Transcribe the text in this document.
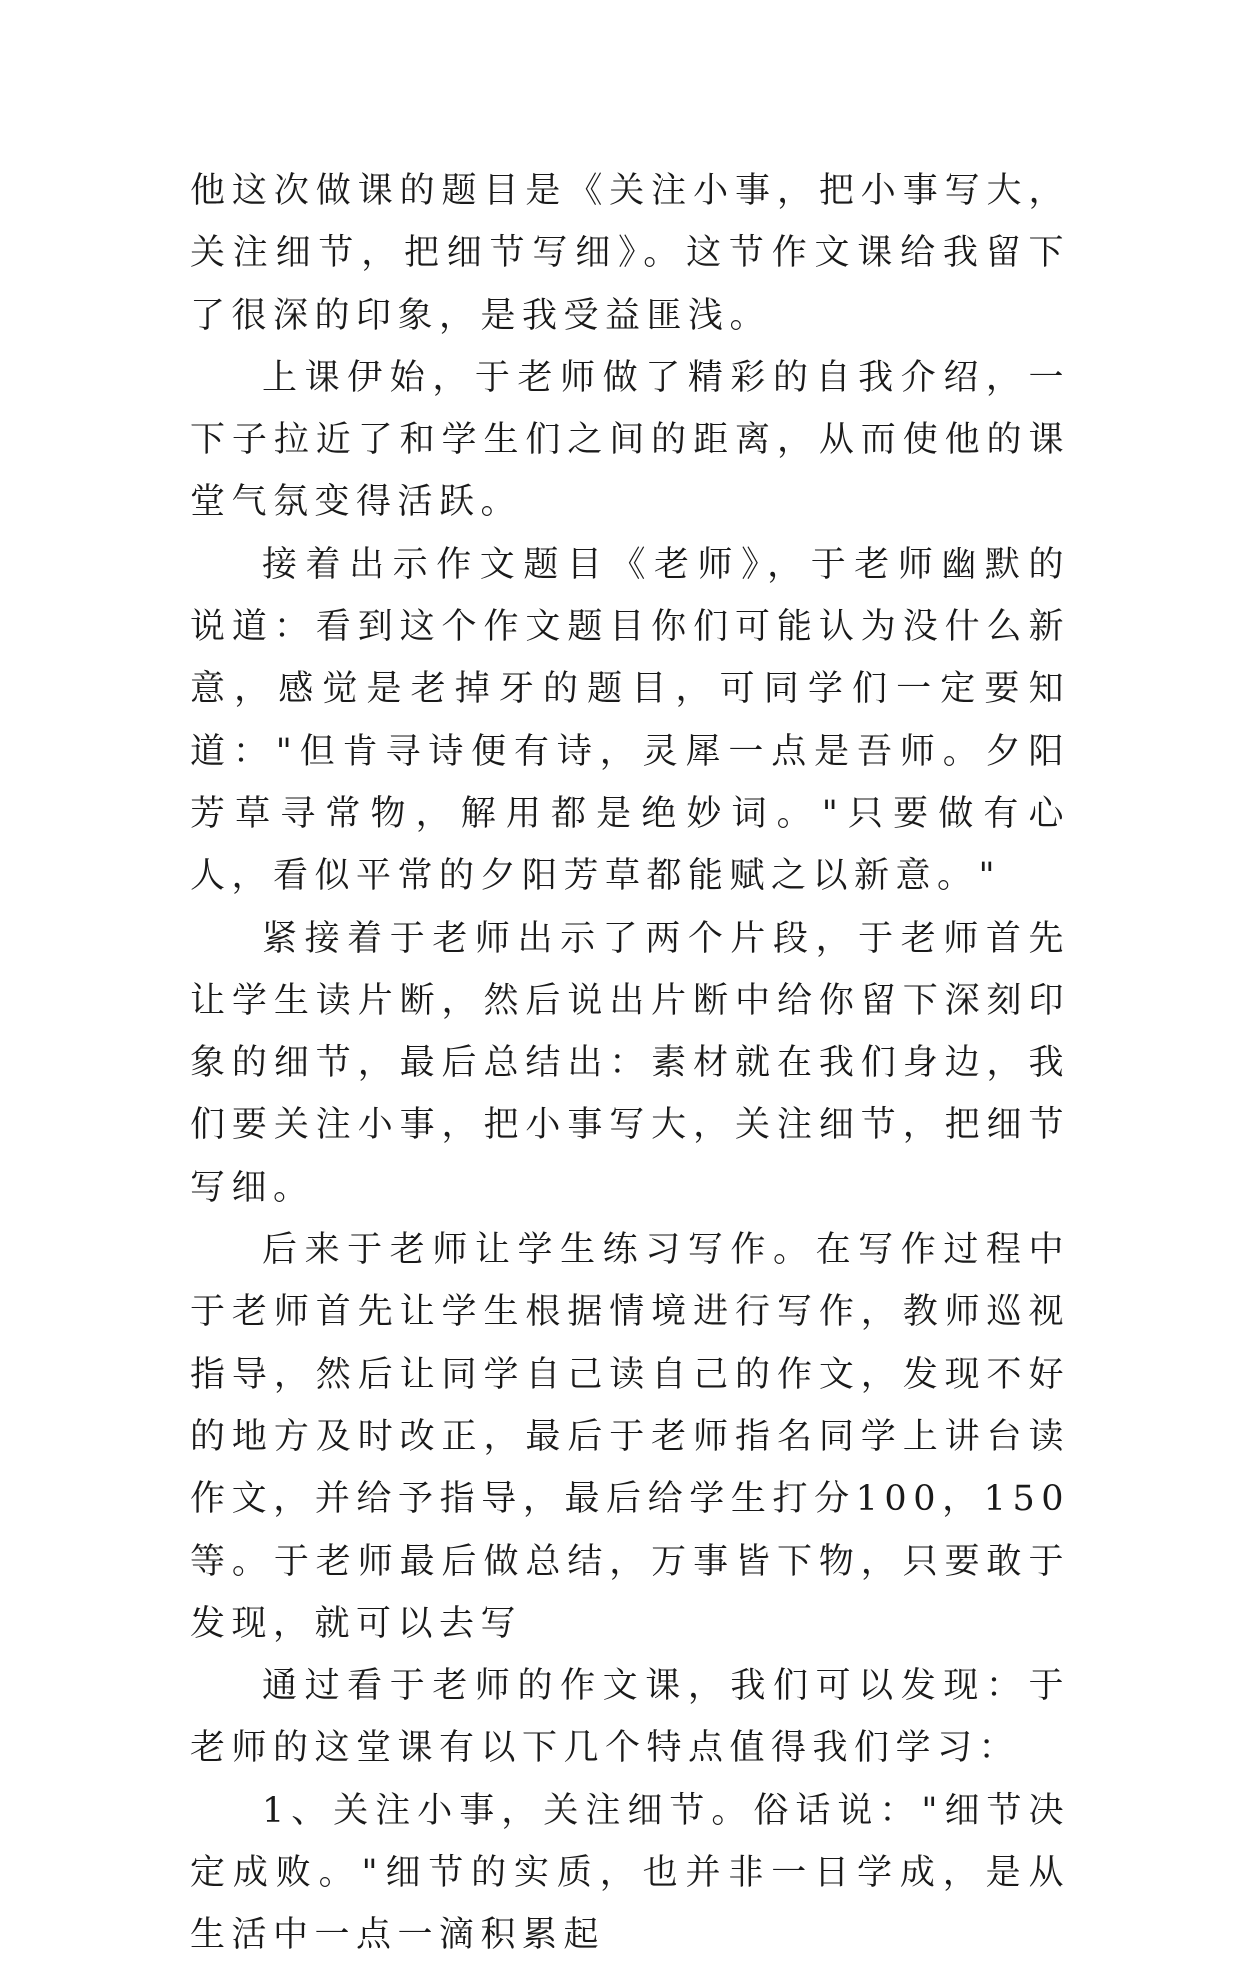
他这次做课的题目是《关注小事，把小事写大，关注细节，把细节写细》。这节作文课给我留下了很深的印象，是我受益匪浅。

上课伊始，于老师做了精彩的自我介绍，一下子拉近了和学生们之间的距离，从而使他的课堂气氛变得活跃。

接着出示作文题目《老师》，于老师幽默的说道：看到这个作文题目你们可能认为没什么新意，感觉是老掉牙的题目，可同学们一定要知道："但肯寻诗便有诗，灵犀一点是吾师。夕阳芳草寻常物，解用都是绝妙词。"只要做有心人，看似平常的夕阳芳草都能赋之以新意。"

紧接着于老师出示了两个片段，于老师首先让学生读片断，然后说出片断中给你留下深刻印象的细节，最后总结出：素材就在我们身边，我们要关注小事，把小事写大，关注细节，把细节写细。

后来于老师让学生练习写作。在写作过程中于老师首先让学生根据情境进行写作，教师巡视指导，然后让同学自己读自己的作文，发现不好的地方及时改正，最后于老师指名同学上讲台读作文，并给予指导，最后给学生打分100，150等。于老师最后做总结，万事皆下物，只要敢于发现，就可以去写

通过看于老师的作文课，我们可以发现：于老师的这堂课有以下几个特点值得我们学习：

1、关注小事，关注细节。俗话说："细节决定成败。"细节的实质，也并非一日学成，是从生活中一点一滴积累起
